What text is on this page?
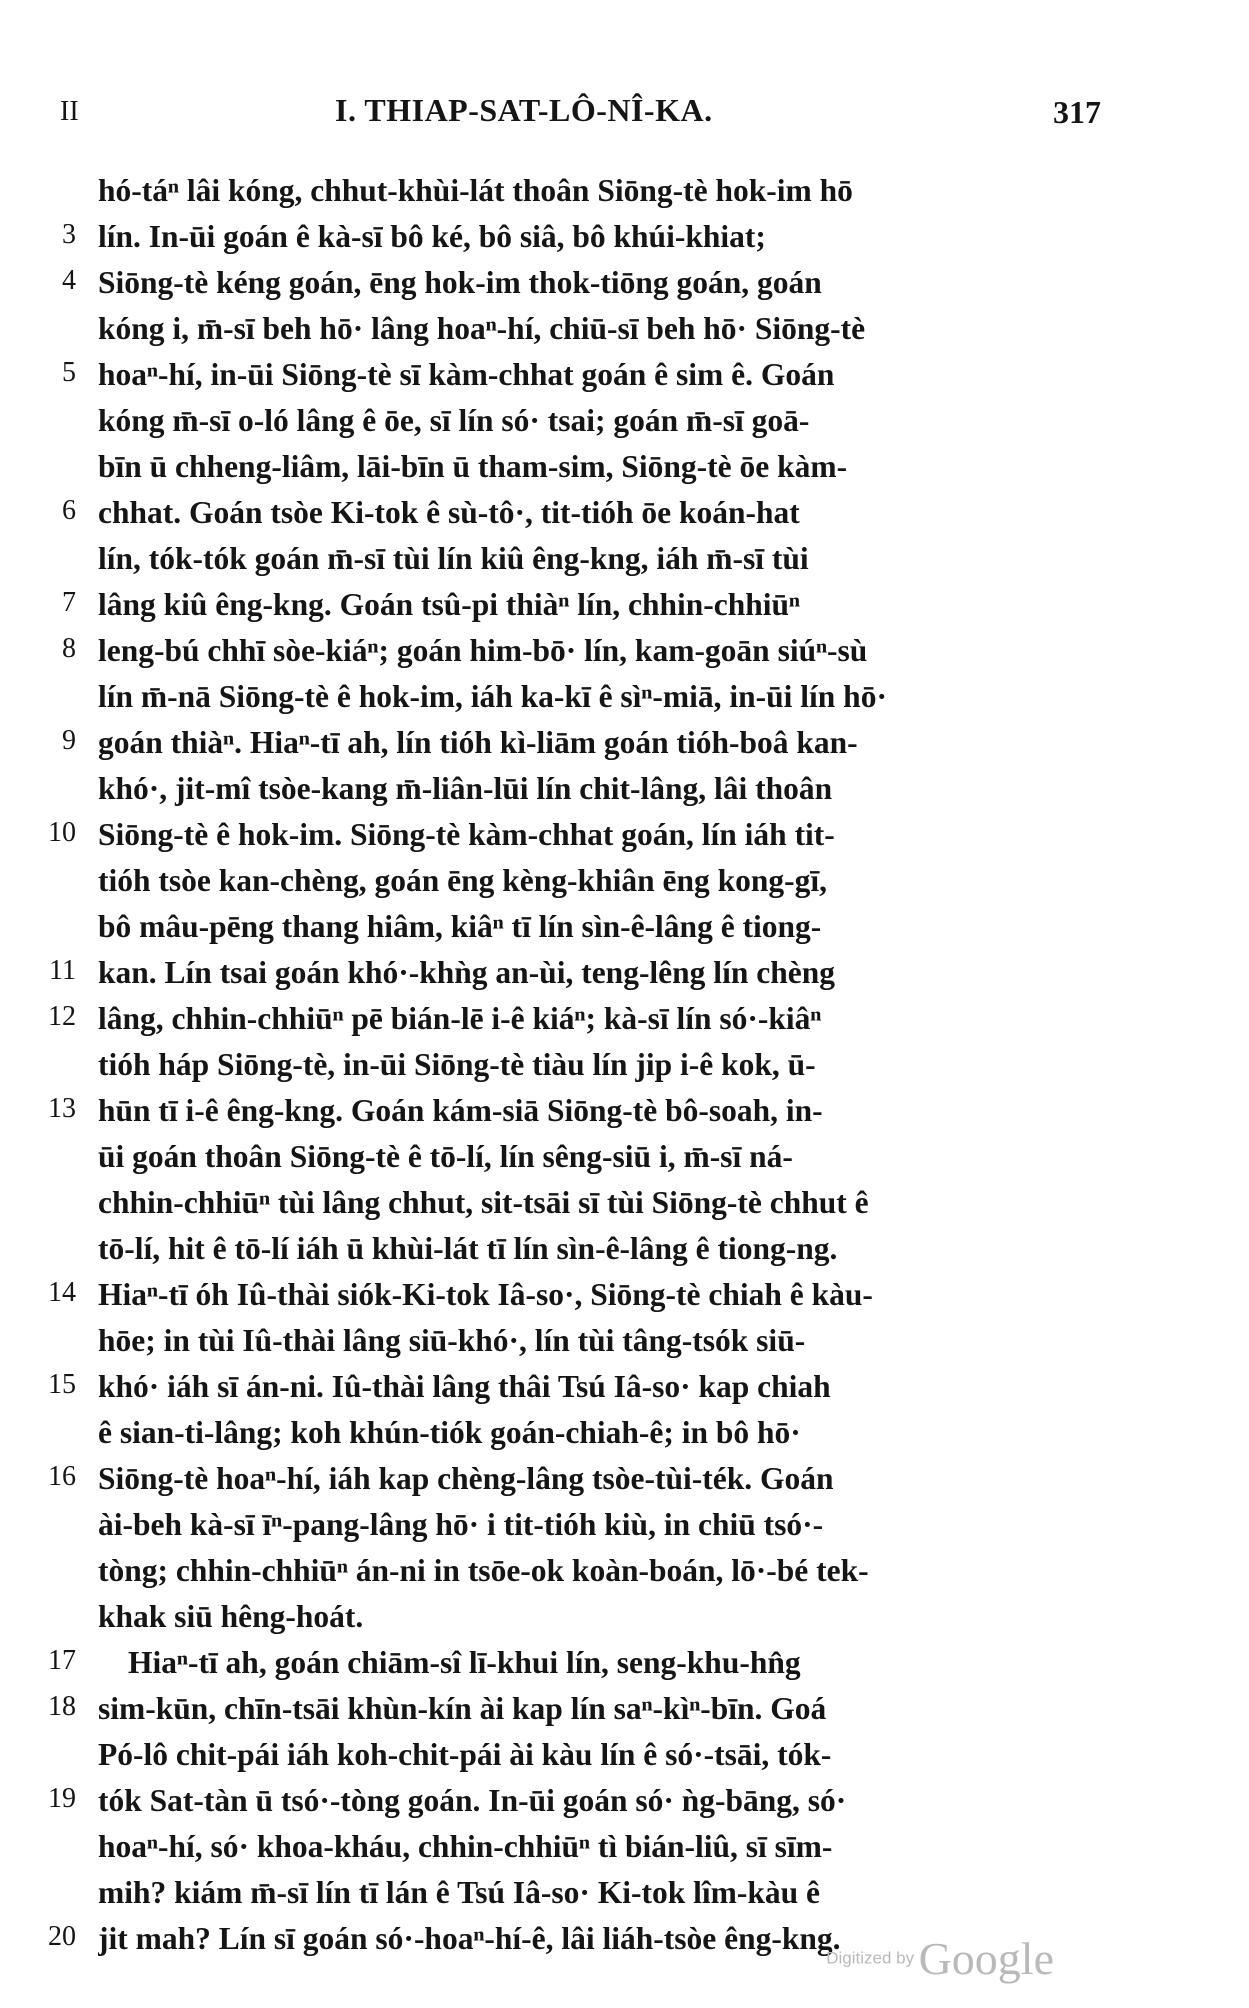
II	I. THIAP-SAT-LÔ-NÎ-KA.	317
hó-táⁿ lâi kóng, chhut-khùi-lát thoân Siōng-tè hok-im hō
3 lín. In-ūi goán ê kà-sī bô ké, bô siâ, bô khúi-khiat;
4 Siōng-tè kéng goán, ēng hok-im thok-tiōng goán, goán
kóng i, m̄-sī beh hō· lâng hoaⁿ-hí, chiū-sī beh hō· Siōng-tè
5 hoaⁿ-hí, in-ūi Siōng-tè sī kàm-chhat goán ê sim ê. Goán
kóng m̄-sī o-ló lâng ê ōe, sī lín só· tsai; goán m̄-sī goā-
bīn ū chheng-liâm, lāi-bīn ū tham-sim, Siōng-tè ōe kàm-
6 chhat. Goán tsòe Ki-tok ê sù-tô·, tit-tióh ōe koán-hat
lín, tók-tók goán m̄-sī tùi lín kiû êng-kng, iáh m̄-sī tùi
7 lâng kiû êng-kng. Goán tsû-pi thiàⁿ lín, chhin-chhiūⁿ
8 leng-bú chhī sòe-kiáⁿ; goán him-bō· lín, kam-goān siúⁿ-sù
lín m̄-nā Siōng-tè ê hok-im, iáh ka-kī ê sìⁿ-miā, in-ūi lín hō·
9 goán thiàⁿ. Hiaⁿ-tī ah, lín tióh kì-liām goán tióh-boâ kan-
khó·, jit-mî tsòe-kang m̄-liân-lūi lín chit-lâng, lâi thoân
10 Siōng-tè ê hok-im. Siōng-tè kàm-chhat goán, lín iáh tit-
tióh tsòe kan-chèng, goán ēng kèng-khiân ēng kong-gī,
bô mâu-pēng thang hiâm, kiâⁿ tī lín sìn-ê-lâng ê tiong-
11 kan. Lín tsai goán khó·-khǹg an-ùi, teng-lêng lín chèng
12 lâng, chhin-chhiūⁿ pē bián-lē i-ê kiáⁿ; kà-sī lín só·-kiâⁿ
tióh háp Siōng-tè, in-ūi Siōng-tè tiàu lín jip i-ê kok, ū-
13 hūn tī i-ê êng-kng. Goán kám-siā Siōng-tè bô-soah, in-
ūi goán thoân Siōng-tè ê tō-lí, lín sêng-siū i, m̄-sī ná-
chhin-chhiūⁿ tùi lâng chhut, sit-tsāi sī tùi Siōng-tè chhut ê
tō-lí, hit ê tō-lí iáh ū khùi-lát tī lín sìn-ê-lâng ê tiong-ng.
14 Hiaⁿ-tī óh Iû-thài siók-Ki-tok Iâ-so·, Siōng-tè chiah ê kàu-
hōe; in tùi Iû-thài lâng siū-khó·, lín tùi tâng-tsók siū-
15 khó· iáh sī án-ni. Iû-thài lâng thâi Tsú Iâ-so· kap chiah
ê sian-ti-lâng; koh khún-tiók goán-chiah-ê; in bô hō·
16 Siōng-tè hoaⁿ-hí, iáh kap chèng-lâng tsòe-tùi-ték. Goán
ài-beh kà-sī īⁿ-pang-lâng hō· i tit-tióh kiù, in chiū tsó·-
tòng; chhin-chhiūⁿ án-ni in tsōe-ok koàn-boán, lō·-bé tek-
khak siū hêng-hoát.
17 Hiaⁿ-tī ah, goán chiām-sî lī-khui lín, seng-khu-hn̂g
18 sim-kūn, chīn-tsāi khùn-kín ài kap lín saⁿ-kìⁿ-bīn. Goá
Pó-lô chit-pái iáh koh-chit-pái ài kàu lín ê só·-tsāi, tók-
19 tók Sat-tàn ū tsó·-tòng goán. In-ūi goán só· ǹg-bāng, só·
hoaⁿ-hí, só· khoa-kháu, chhin-chhiūⁿ tì bián-liû, sī sīm-
mih? kiám m̄-sī lín tī lán ê Tsú Iâ-so· Ki-tok lîm-kàu ê
20 jit mah? Lín sī goán só·-hoaⁿ-hí-ê, lâi liáh-tsòe êng-kng.
Digitized by Google
